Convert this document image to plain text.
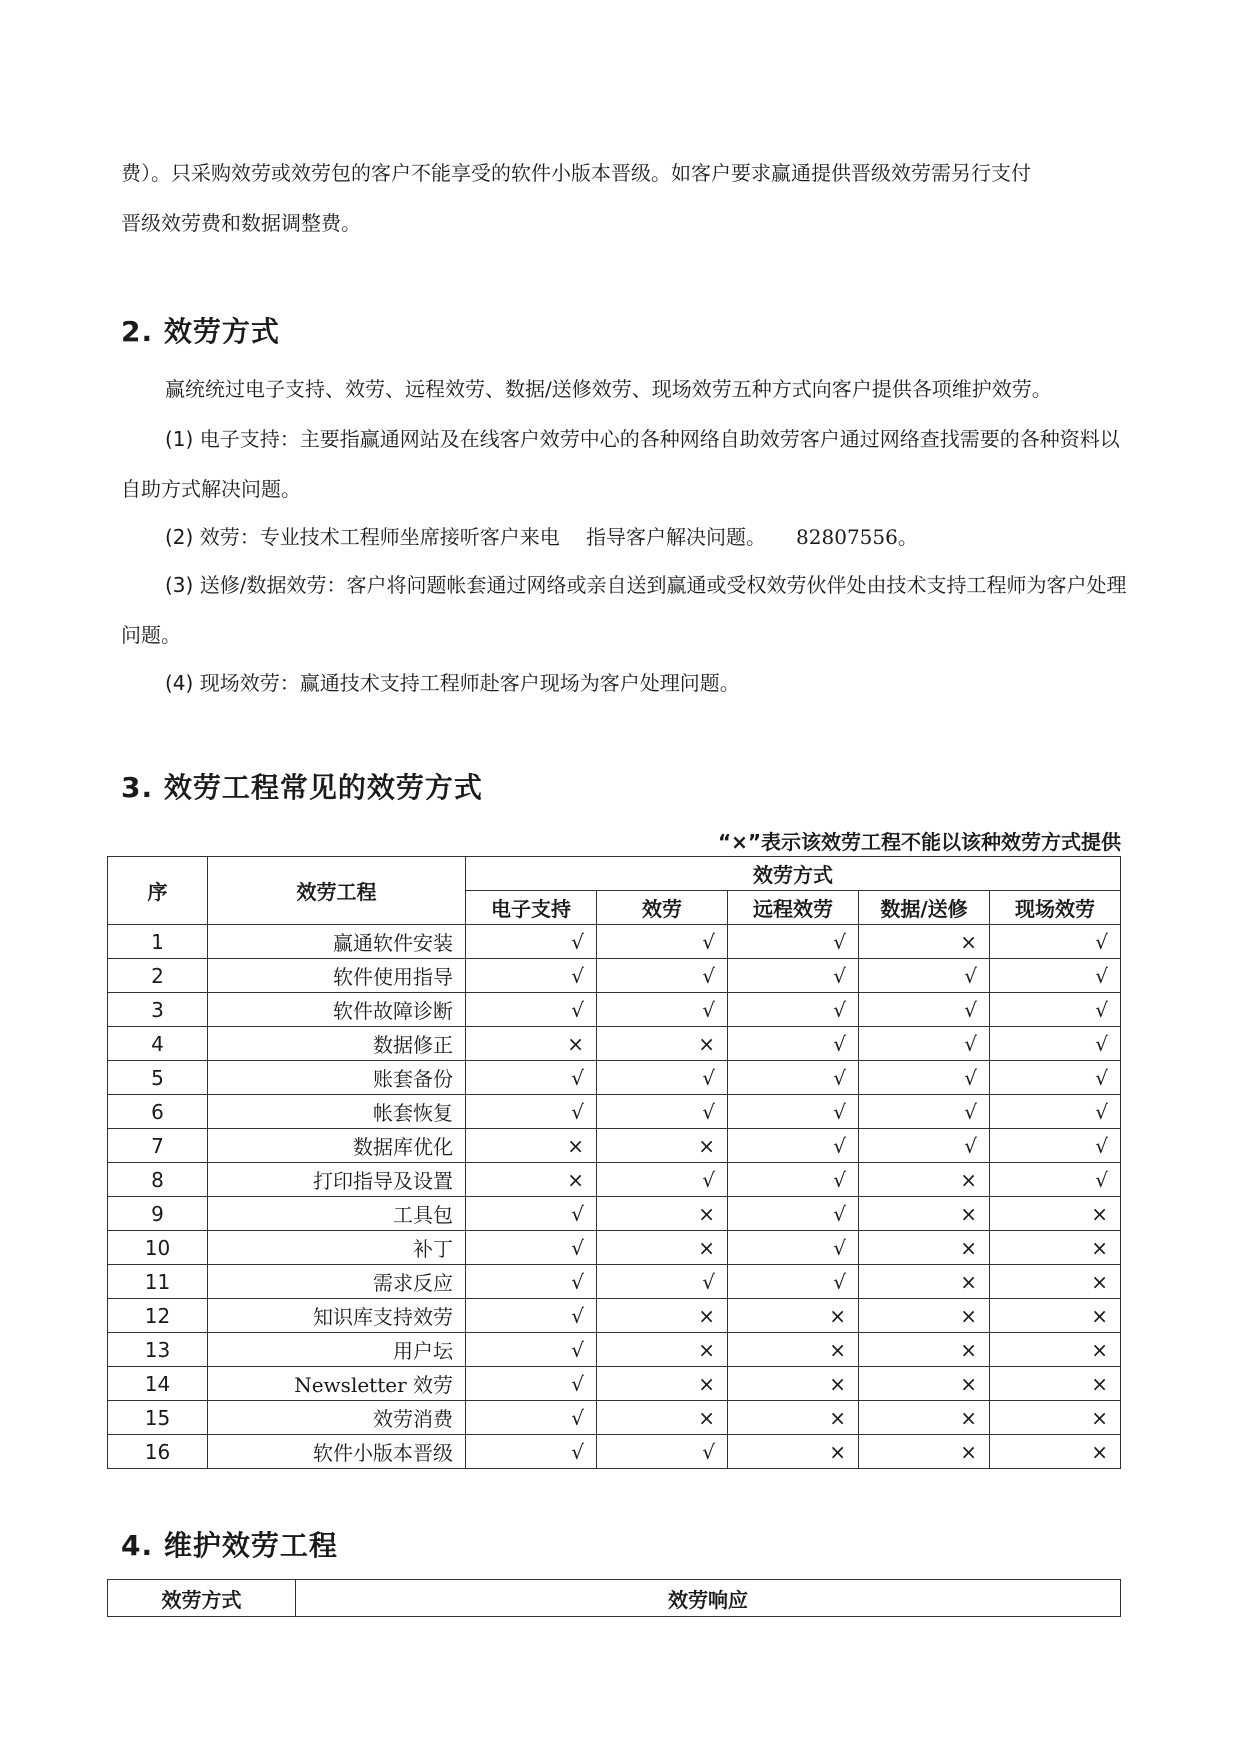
费）。只采购效劳或效劳包的客户不能享受的软件小版本晋级。如客户要求赢通提供晋级效劳需另行支付

晋级效劳费和数据调整费。

2. 效劳方式

赢统统过电子支持、效劳、远程效劳、数据/送修效劳、现场效劳五种方式向客户提供各项维护效劳。

(1) 电子支持：主要指赢通网站及在线客户效劳中心的各种网络自助效劳客户通过网络查找需要的各种资料以自助方式解决问题。

(2) 效劳：专业技术工程师坐席接听客户来电　 指导客户解决问题。　　82807556。

(3) 送修/数据效劳：客户将问题帐套通过网络或亲自送到赢通或受权效劳伙伴处由技术支持工程师为客户处理问题。

(4) 现场效劳：赢通技术支持工程师赴客户现场为客户处理问题。

3. 效劳工程常见的效劳方式
“×”表示该效劳工程不能以该种效劳方式提供
序	效劳工程	效劳方式				
		电子支持	效劳	远程效劳	数据/送修	现场效劳
1	赢通软件安装	√	√	√	×	√
2	软件使用指导	√	√	√	√	√
3	软件故障诊断	√	√	√	√	√
4	数据修正	×	×	√	√	√
5	账套备份	√	√	√	√	√
6	帐套恢复	√	√	√	√	√
7	数据库优化	×	×	√	√	√
8	打印指导及设置	×	√	√	×	√
9	工具包	√	×	√	×	×
10	补丁	√	×	√	×	×
11	需求反应	√	√	√	×	×
12	知识库支持效劳	√	×	×	×	×
13	用户坛	√	×	×	×	×
14	Newsletter 效劳	√	×	×	×	×
15	效劳消费	√	×	×	×	×
16	软件小版本晋级	√	√	×	×	×
4. 维护效劳工程
效劳方式	效劳响应
